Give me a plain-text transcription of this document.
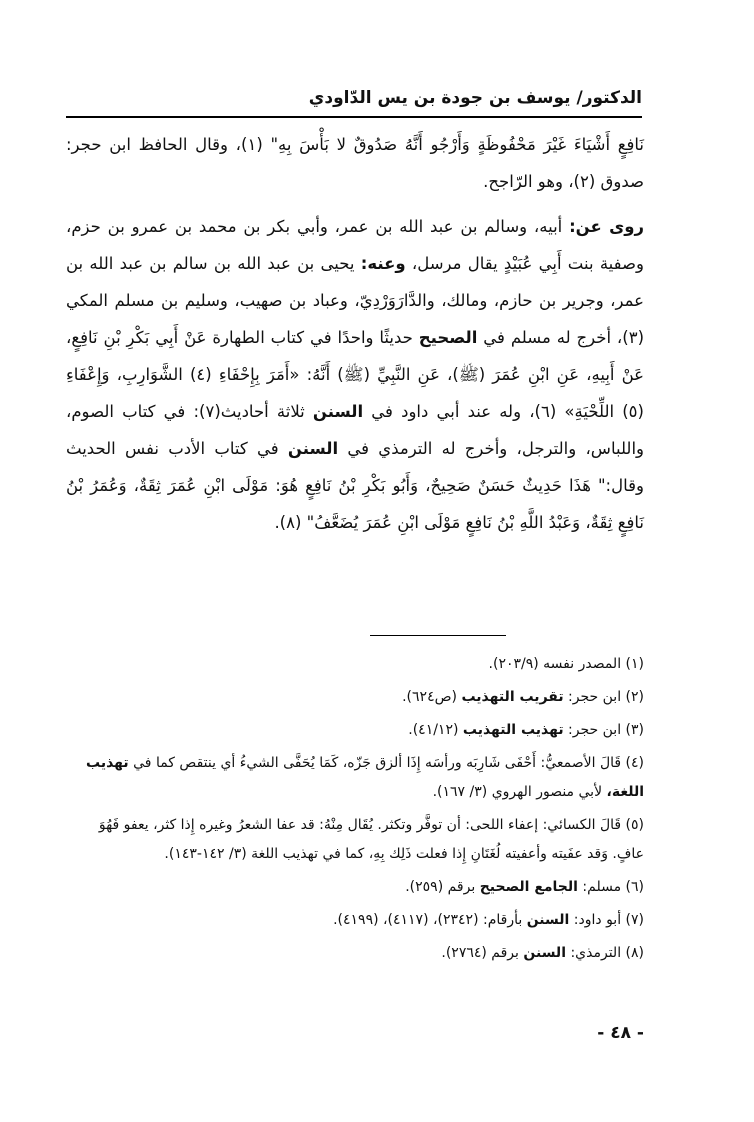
الدكتور/ يوسف بن جودة بن يس الدّاودي

نَافِعٍ أَشْيَاءَ غَيْرَ مَحْفُوظَةٍ وَأَرْجُو أَنَّهُ صَدُوقٌ لا بَأْسَ بِهِ" (١)، وقال الحافظ ابن حجر: صدوق (٢)، وهو الرّاجح.

روى عن: أبيه، وسالم بن عبد الله بن عمر، وأبي بكر بن محمد بن عمرو بن حزم، وصفية بنت أَبِي عُبَيْدٍ يقال مرسل، وعنه: يحيى بن عبد الله بن سالم بن عبد الله بن عمر، وجرير بن حازم، ومالك، والدَّارَوَرْدِيّ، وعباد بن صهيب، وسليم بن مسلم المكي (٣)، أخرج له مسلم في الصحيح حديثًا واحدًا في كتاب الطهارة عَنْ أَبِي بَكْرِ بْنِ نَافِعٍ، عَنْ أَبِيهِ، عَنِ ابْنِ عُمَرَ (ﷺ)، عَنِ النَّبِيِّ (ﷺ) أَنَّهُ: «أَمَرَ بِإِحْفَاءِ (٤) الشَّوَارِبِ، وَإِعْفَاءِ (٥) اللِّحْيَةِ» (٦)، وله عند أبي داود في السنن ثلاثة أحاديث(٧): في كتاب الصوم، واللباس، والترجل، وأخرج له الترمذي في السنن في كتاب الأدب نفس الحديث وقال:" هَذَا حَدِيثٌ حَسَنٌ صَحِيحٌ، وَأَبُو بَكْرِ بْنُ نَافِعٍ هُوَ: مَوْلَى ابْنِ عُمَرَ ثِقَةٌ، وَعُمَرُ بْنُ نَافِعٍ ثِقَةٌ، وَعَبْدُ اللَّهِ بْنُ نَافِعٍ مَوْلَى ابْنِ عُمَرَ يُضَعَّفُ" (٨).

(١) المصدر نفسه (٢٠٣/٩).

(٢) ابن حجر: تقريب التهذيب (ص٦٢٤).

(٣) ابن حجر: تهذيب التهذيب (٤١/١٢).

(٤) قَالَ الأصمعيُّ: أَحْفَى شَارِبَه ورأسَه إِذَا ألزق جَزّه، كَمَا يُحَفَّى الشيءُ أي ينتقص كما في تهذيب اللغة، لأبي منصور الهروي (٣/ ١٦٧).

(٥) قَالَ الكسائي: إعفاء اللحى: أن توفَّر وتكثر. يُقَال مِنْهُ: قد عفا الشعرُ وغيره إِذا كثر، يعفو فَهُوَ عافٍ. وَقد عفَيته وأعفيته لُغَتَانِ إِذا فعلت ذَلِك بِهِ، كما في تهذيب اللغة (٣/ ١٤٢-١٤٣).

(٦) مسلم: الجامع الصحيح برقم (٢٥٩).

(٧) أبو داود: السنن بأرقام: (٢٣٤٢)، (٤١١٧)، (٤١٩٩).

(٨) الترمذي: السنن برقم (٢٧٦٤).

- ٤٨ -
